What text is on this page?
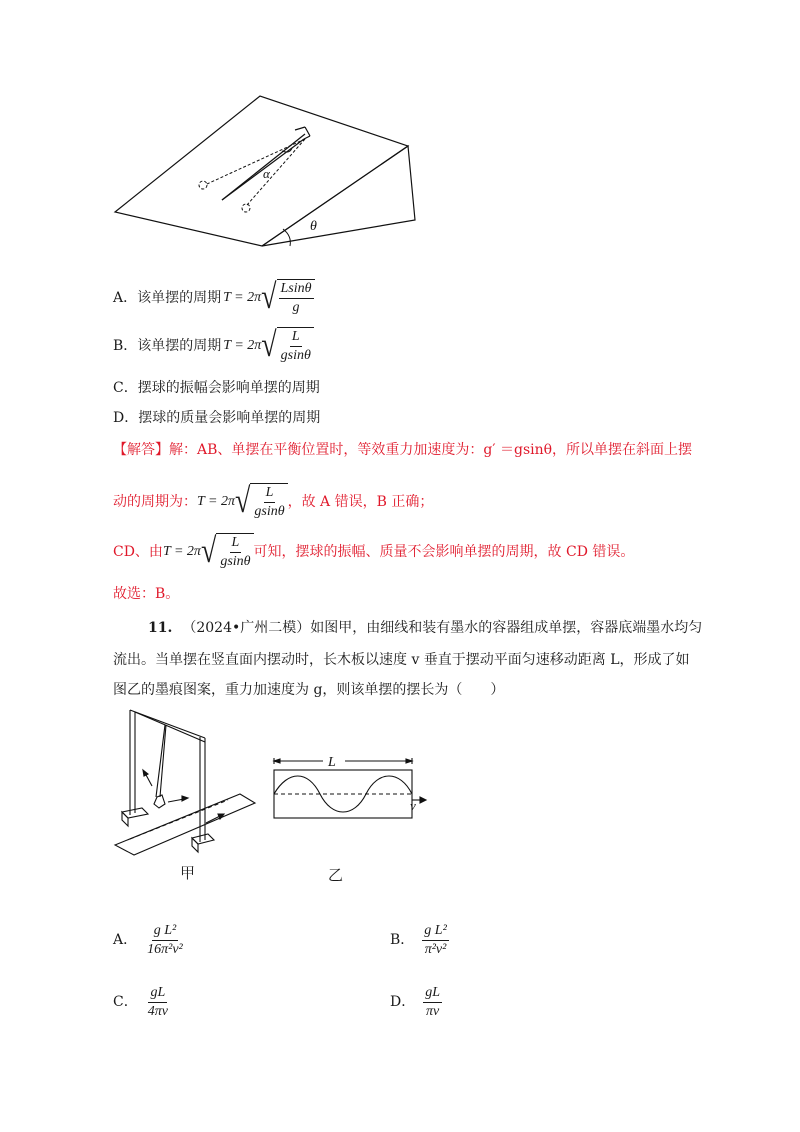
α
θ
A．该单摆的周期 T = 2π √ $\frac{Lsin\theta}{g}$
B．该单摆的周期 T = 2π √ $\frac{L}{gsin\theta}$
C．摆球的振幅会影响单摆的周期
D．摆球的质量会影响单摆的周期
【解答】解：AB、单摆在平衡位置时，等效重力加速度为：g′ ＝gsinθ，所以单摆在斜面上摆
动的周期为： T = 2π √ $\frac{L}{gsin\theta}$ ，故 A 错误，B 正确；
CD、由 T = 2π √ $\frac{L}{gsin\theta}$ 可知，摆球的振幅、质量不会影响单摆的周期，故 CD 错误。
故选：B。
11. （2024•广州二模）如图甲，由细线和装有墨水的容器组成单摆，容器底端墨水均匀
流出。当单摆在竖直面内摆动时，长木板以速度 v 垂直于摆动平面匀速移动距离 L，形成了如
图乙的墨痕图案，重力加速度为 g，则该单摆的摆长为（　　）
甲
L
v
乙
A． $\frac{\text{g L²}}{\text{16π²v²}}$	B． $\frac{\text{g L²}}{\text{π²v²}}$
C． $\frac{gL}{4\pi v}$	D． $\frac{gL}{\pi v}$
